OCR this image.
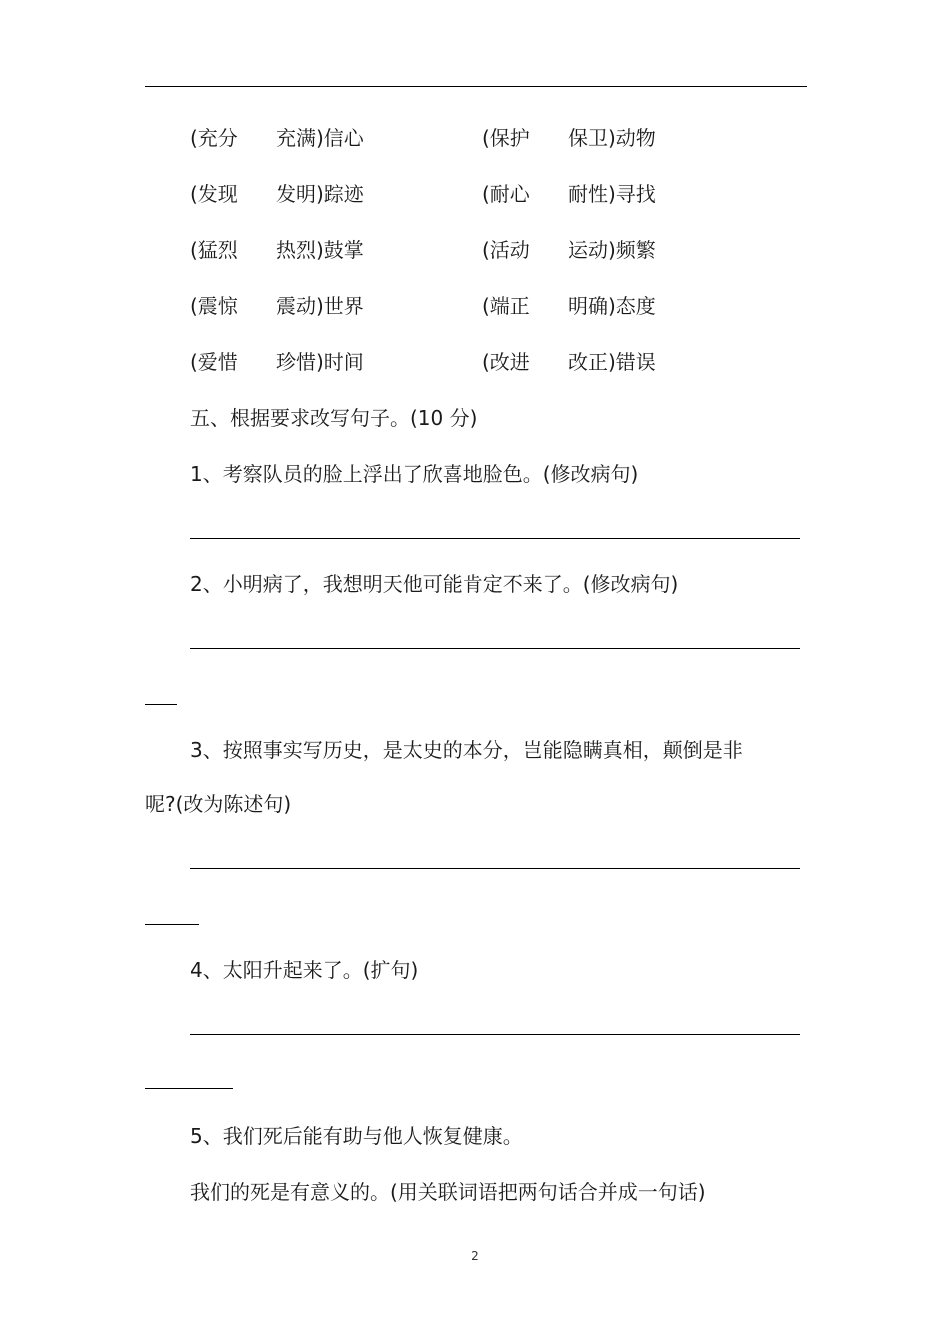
(充分 充满)信心	(保护 保卫)动物
(发现 发明)踪迹	(耐心 耐性)寻找
(猛烈 热烈)鼓掌	(活动 运动)频繁
(震惊 震动)世界	(端正 明确)态度
(爱惜 珍惜)时间	(改进 改正)错误
五、根据要求改写句子。(10 分)
1、考察队员的脸上浮出了欣喜地脸色。(修改病句)
2、小明病了，我想明天他可能肯定不来了。(修改病句)
3、按照事实写历史，是太史的本分，岂能隐瞒真相，颠倒是非
呢?(改为陈述句)
4、太阳升起来了。(扩句)
5、我们死后能有助与他人恢复健康。
我们的死是有意义的。(用关联词语把两句话合并成一句话)
2
